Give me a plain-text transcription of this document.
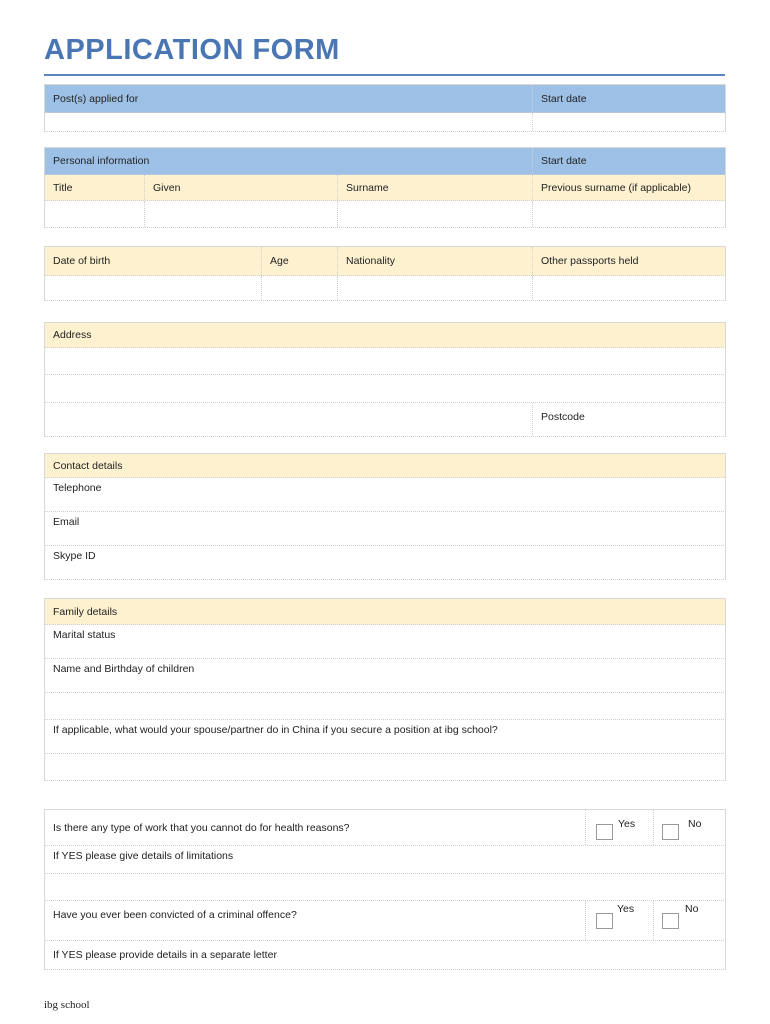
APPLICATION FORM
Post(s) applied for	Start date
Personal information	Start date
Title	Given	Surname	Previous surname (if applicable)
Date of birth	Age	Nationality	Other passports held
Address
Postcode
Contact details
Telephone
Email
Skype ID
Family details
Marital status
Name and Birthday of children
If applicable, what would your spouse/partner do in China if you secure a position at ibg school?
Is there any type of work that you cannot do for health reasons?	Yes	No
If YES please give details of limitations
Have you ever been convicted of a criminal offence?	Yes	No
If YES please provide details in a separate letter
ibg school
